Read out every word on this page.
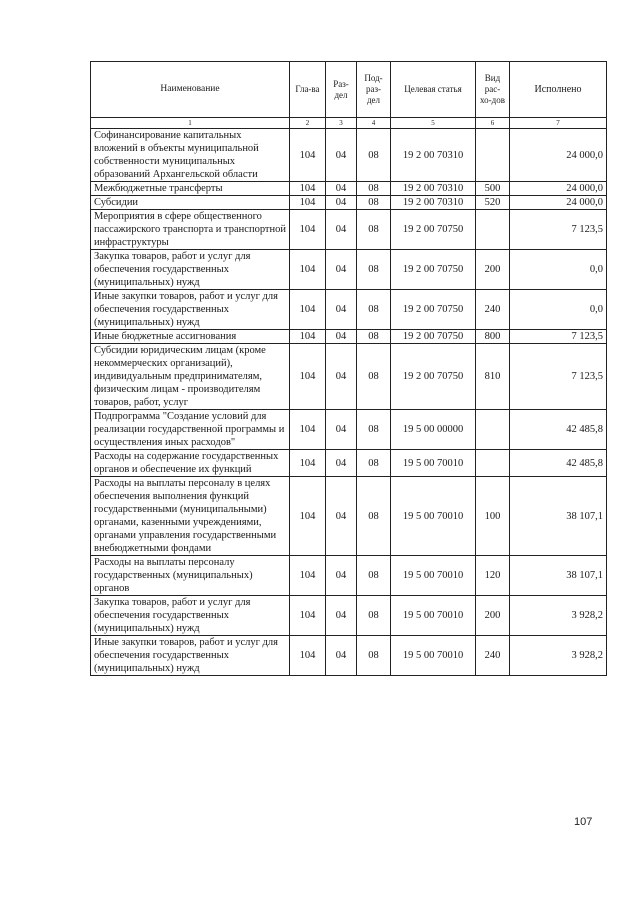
Наименование	Гла-ва	Раз-дел	Под-раз-дел	Целевая статья	Вид рас-хо-дов	Исполнено
1	2	3	4	5	6	7
Софинансирование капитальных вложений в объекты муниципальной собственности муниципальных образований Архангельской области	104	04	08	19 2 00 70310		24 000,0
Межбюджетные трансферты	104	04	08	19 2 00 70310	500	24 000,0
Субсидии	104	04	08	19 2 00 70310	520	24 000,0
Мероприятия в сфере общественного пассажирского транспорта и транспортной инфраструктуры	104	04	08	19 2 00 70750		7 123,5
Закупка товаров, работ и услуг для обеспечения государственных (муниципальных) нужд	104	04	08	19 2 00 70750	200	0,0
Иные закупки товаров, работ и услуг для обеспечения государственных (муниципальных) нужд	104	04	08	19 2 00 70750	240	0,0
Иные бюджетные ассигнования	104	04	08	19 2 00 70750	800	7 123,5
Субсидии юридическим лицам (кроме некоммерческих организаций), индивидуальным предпринимателям, физическим лицам - производителям товаров, работ, услуг	104	04	08	19 2 00 70750	810	7 123,5
Подпрограмма "Создание условий для реализации государственной программы и осуществления иных расходов"	104	04	08	19 5 00 00000		42 485,8
Расходы на содержание государственных органов и обеспечение их функций	104	04	08	19 5 00 70010		42 485,8
Расходы на выплаты персоналу в целях обеспечения выполнения функций государственными (муниципальными) органами, казенными учреждениями, органами управления государственными внебюджетными фондами	104	04	08	19 5 00 70010	100	38 107,1
Расходы на выплаты персоналу государственных (муниципальных) органов	104	04	08	19 5 00 70010	120	38 107,1
Закупка товаров, работ и услуг для обеспечения государственных (муниципальных) нужд	104	04	08	19 5 00 70010	200	3 928,2
Иные закупки товаров, работ и услуг для обеспечения государственных (муниципальных) нужд	104	04	08	19 5 00 70010	240	3 928,2
107
